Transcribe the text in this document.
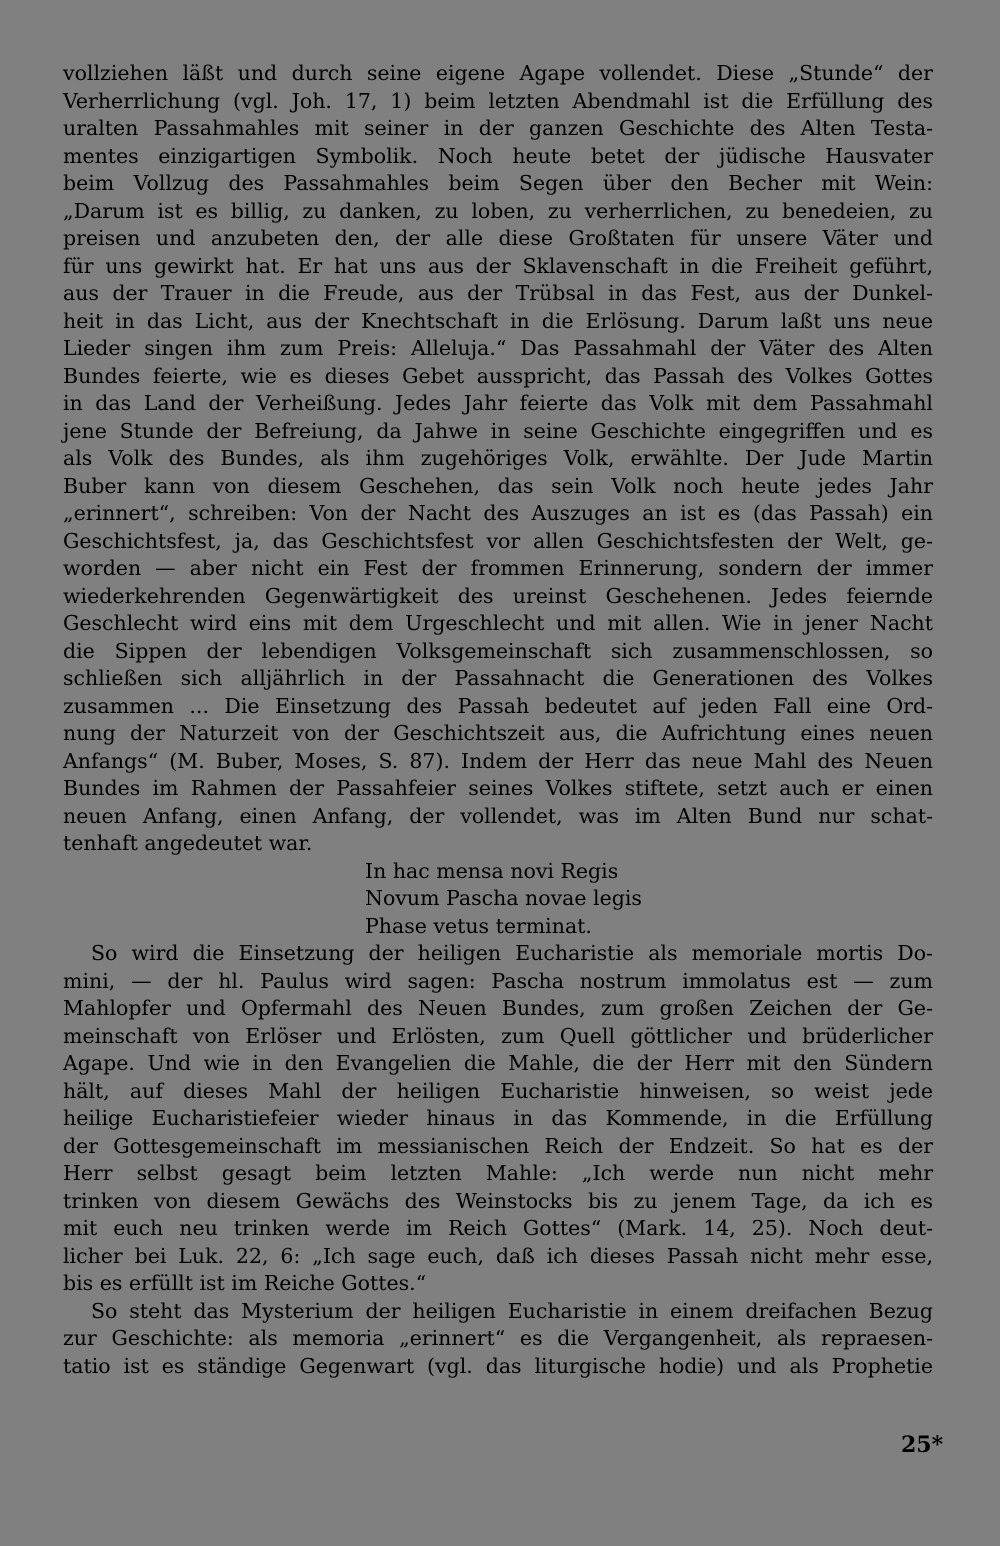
vollziehen läßt und durch seine eigene Agape vollendet. Diese „Stunde“ der
Verherrlichung (vgl. Joh. 17, 1) beim letzten Abendmahl ist die Erfüllung des
uralten Passahmahles mit seiner in der ganzen Geschichte des Alten Testa-
mentes einzigartigen Symbolik. Noch heute betet der jüdische Hausvater
beim Vollzug des Passahmahles beim Segen über den Becher mit Wein:
„Darum ist es billig, zu danken, zu loben, zu verherrlichen, zu benedeien, zu
preisen und anzubeten den, der alle diese Großtaten für unsere Väter und
für uns gewirkt hat. Er hat uns aus der Sklavenschaft in die Freiheit geführt,
aus der Trauer in die Freude, aus der Trübsal in das Fest, aus der Dunkel-
heit in das Licht, aus der Knechtschaft in die Erlösung. Darum laßt uns neue
Lieder singen ihm zum Preis: Alleluja.“ Das Passahmahl der Väter des Alten
Bundes feierte, wie es dieses Gebet ausspricht, das Passah des Volkes Gottes
in das Land der Verheißung. Jedes Jahr feierte das Volk mit dem Passahmahl
jene Stunde der Befreiung, da Jahwe in seine Geschichte eingegriffen und es
als Volk des Bundes, als ihm zugehöriges Volk, erwählte. Der Jude Martin
Buber kann von diesem Geschehen, das sein Volk noch heute jedes Jahr
„erinnert“, schreiben: Von der Nacht des Auszuges an ist es (das Passah) ein
Geschichtsfest, ja, das Geschichtsfest vor allen Geschichtsfesten der Welt, ge-
worden — aber nicht ein Fest der frommen Erinnerung, sondern der immer
wiederkehrenden Gegenwärtigkeit des ureinst Geschehenen. Jedes feiernde
Geschlecht wird eins mit dem Urgeschlecht und mit allen. Wie in jener Nacht
die Sippen der lebendigen Volksgemeinschaft sich zusammenschlossen, so
schließen sich alljährlich in der Passahnacht die Generationen des Volkes
zusammen ... Die Einsetzung des Passah bedeutet auf jeden Fall eine Ord-
nung der Naturzeit von der Geschichtszeit aus, die Aufrichtung eines neuen
Anfangs“ (M. Buber, Moses, S. 87). Indem der Herr das neue Mahl des Neuen
Bundes im Rahmen der Passahfeier seines Volkes stiftete, setzt auch er einen
neuen Anfang, einen Anfang, der vollendet, was im Alten Bund nur schat-
tenhaft angedeutet war.
In hac mensa novi Regis
Novum Pascha novae legis
Phase vetus terminat.
So wird die Einsetzung der heiligen Eucharistie als memoriale mortis Do-
mini, — der hl. Paulus wird sagen: Pascha nostrum immolatus est — zum
Mahlopfer und Opfermahl des Neuen Bundes, zum großen Zeichen der Ge-
meinschaft von Erlöser und Erlösten, zum Quell göttlicher und brüderlicher
Agape. Und wie in den Evangelien die Mahle, die der Herr mit den Sündern
hält, auf dieses Mahl der heiligen Eucharistie hinweisen, so weist jede
heilige Eucharistiefeier wieder hinaus in das Kommende, in die Erfüllung
der Gottesgemeinschaft im messianischen Reich der Endzeit. So hat es der
Herr selbst gesagt beim letzten Mahle: „Ich werde nun nicht mehr
trinken von diesem Gewächs des Weinstocks bis zu jenem Tage, da ich es
mit euch neu trinken werde im Reich Gottes“ (Mark. 14, 25). Noch deut-
licher bei Luk. 22, 6: „Ich sage euch, daß ich dieses Passah nicht mehr esse,
bis es erfüllt ist im Reiche Gottes.“
So steht das Mysterium der heiligen Eucharistie in einem dreifachen Bezug
zur Geschichte: als memoria „erinnert“ es die Vergangenheit, als repraesen-
tatio ist es ständige Gegenwart (vgl. das liturgische hodie) und als Prophetie
25*
